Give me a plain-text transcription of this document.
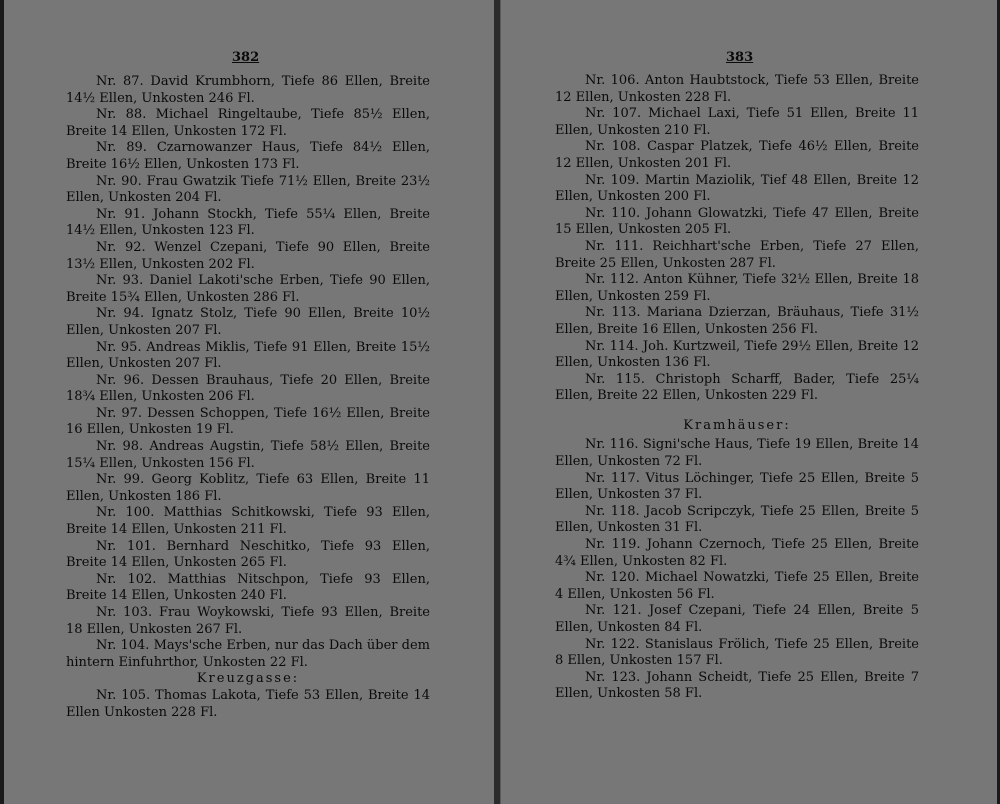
382

Nr. 87. David Krumbhorn, Tiefe 86 Ellen, Breite 14½ Ellen, Unkosten 246 Fl.

Nr. 88. Michael Ringeltaube, Tiefe 85½ Ellen, Breite 14 Ellen, Unkosten 172 Fl.

Nr. 89. Czarnowanzer Haus, Tiefe 84½ Ellen, Breite 16½ Ellen, Unkosten 173 Fl.

Nr. 90. Frau Gwatzik Tiefe 71½ Ellen, Breite 23½ Ellen, Unkosten 204 Fl.

Nr. 91. Johann Stockh, Tiefe 55¼ Ellen, Breite 14½ Ellen, Unkosten 123 Fl.

Nr. 92. Wenzel Czepani, Tiefe 90 Ellen, Breite 13½ Ellen, Unkosten 202 Fl.

Nr. 93. Daniel Lakoti'sche Erben, Tiefe 90 Ellen, Breite 15¾ Ellen, Unkosten 286 Fl.

Nr. 94. Ignatz Stolz, Tiefe 90 Ellen, Breite 10½ Ellen, Unkosten 207 Fl.

Nr. 95. Andreas Miklis, Tiefe 91 Ellen, Breite 15½ Ellen, Unkosten 207 Fl.

Nr. 96. Dessen Brauhaus, Tiefe 20 Ellen, Breite 18¾ Ellen, Unkosten 206 Fl.

Nr. 97. Dessen Schoppen, Tiefe 16½ Ellen, Breite 16 Ellen, Unkosten 19 Fl.

Nr. 98. Andreas Augstin, Tiefe 58½ Ellen, Breite 15¼ Ellen, Unkosten 156 Fl.

Nr. 99. Georg Koblitz, Tiefe 63 Ellen, Breite 11 Ellen, Unkosten 186 Fl.

Nr. 100. Matthias Schitkowski, Tiefe 93 Ellen, Breite 14 Ellen, Unkosten 211 Fl.

Nr. 101. Bernhard Neschitko, Tiefe 93 Ellen, Breite 14 Ellen, Unkosten 265 Fl.

Nr. 102. Matthias Nitschpon, Tiefe 93 Ellen, Breite 14 Ellen, Unkosten 240 Fl.

Nr. 103. Frau Woykowski, Tiefe 93 Ellen, Breite 18 Ellen, Unkosten 267 Fl.

Nr. 104. Mays'sche Erben, nur das Dach über dem hintern Einfuhrthor, Unkosten 22 Fl.

Kreuzgasse:

Nr. 105. Thomas Lakota, Tiefe 53 Ellen, Breite 14 Ellen Unkosten 228 Fl.

383

Nr. 106. Anton Haubtstock, Tiefe 53 Ellen, Breite 12 Ellen, Unkosten 228 Fl.

Nr. 107. Michael Laxi, Tiefe 51 Ellen, Breite 11 Ellen, Unkosten 210 Fl.

Nr. 108. Caspar Platzek, Tiefe 46½ Ellen, Breite 12 Ellen, Unkosten 201 Fl.

Nr. 109. Martin Maziolik, Tief 48 Ellen, Breite 12 Ellen, Unkosten 200 Fl.

Nr. 110. Johann Glowatzki, Tiefe 47 Ellen, Breite 15 Ellen, Unkosten 205 Fl.

Nr. 111. Reichhart'sche Erben, Tiefe 27 Ellen, Breite 25 Ellen, Unkosten 287 Fl.

Nr. 112. Anton Kühner, Tiefe 32½ Ellen, Breite 18 Ellen, Unkosten 259 Fl.

Nr. 113. Mariana Dzierzan, Bräuhaus, Tiefe 31½ Ellen, Breite 16 Ellen, Unkosten 256 Fl.

Nr. 114. Joh. Kurtzweil, Tiefe 29½ Ellen, Breite 12 Ellen, Unkosten 136 Fl.

Nr. 115. Christoph Scharff, Bader, Tiefe 25¼ Ellen, Breite 22 Ellen, Unkosten 229 Fl.

Kramhäuser:

Nr. 116. Signi'sche Haus, Tiefe 19 Ellen, Breite 14 Ellen, Unkosten 72 Fl.

Nr. 117. Vitus Löchinger, Tiefe 25 Ellen, Breite 5 Ellen, Unkosten 37 Fl.

Nr. 118. Jacob Scripczyk, Tiefe 25 Ellen, Breite 5 Ellen, Unkosten 31 Fl.

Nr. 119. Johann Czernoch, Tiefe 25 Ellen, Breite 4¾ Ellen, Unkosten 82 Fl.

Nr. 120. Michael Nowatzki, Tiefe 25 Ellen, Breite 4 Ellen, Unkosten 56 Fl.

Nr. 121. Josef Czepani, Tiefe 24 Ellen, Breite 5 Ellen, Unkosten 84 Fl.

Nr. 122. Stanislaus Frölich, Tiefe 25 Ellen, Breite 8 Ellen, Unkosten 157 Fl.

Nr. 123. Johann Scheidt, Tiefe 25 Ellen, Breite 7 Ellen, Unkosten 58 Fl.
